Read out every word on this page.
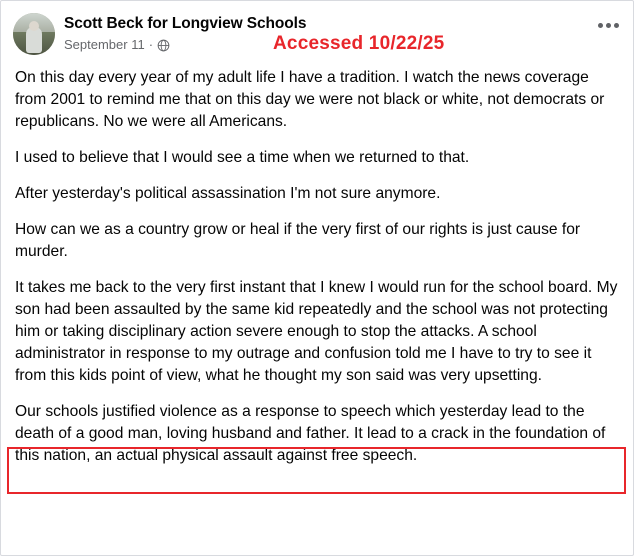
Scott Beck for Longview Schools
September 11 ·	Accessed 10/22/25

On this day every year of my adult life I have a tradition. I watch the news coverage from 2001 to remind me that on this day we were not black or white, not democrats or republicans. No we were all Americans.

I used to believe that I would see a time when we returned to that.

After yesterday's political assassination I'm not sure anymore.

How can we as a country grow or heal if the very first of our rights is just cause for murder.

It takes me back to the very first instant that I knew I would run for the school board. My son had been assaulted by the same kid repeatedly and the school was not protecting him or taking disciplinary action severe enough to stop the attacks. A school administrator in response to my outrage and confusion told me I have to try to see it from this kids point of view, what he thought my son said was very upsetting.

Our schools justified violence as a response to speech which yesterday lead to the death of a good man, loving husband and father. It lead to a crack in the foundation of this nation, an actual physical assault against free speech.
